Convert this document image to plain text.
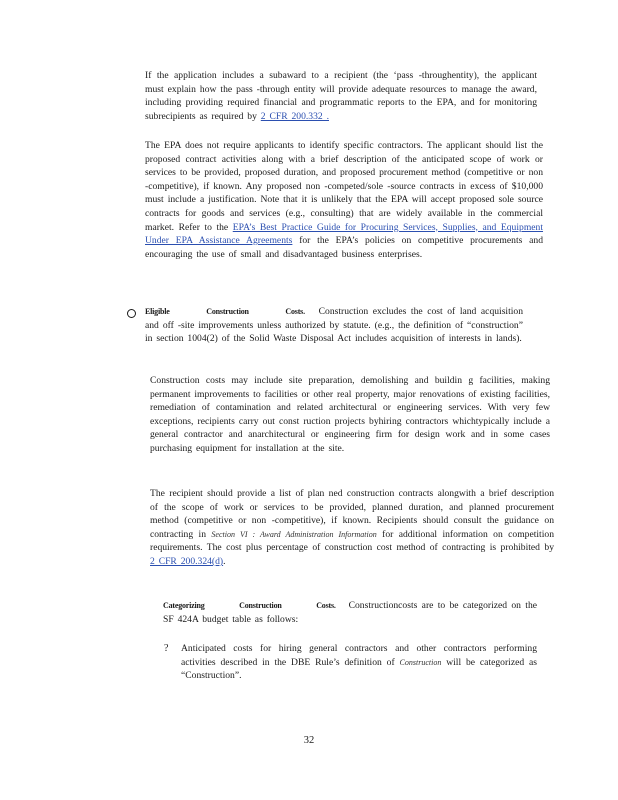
If the application includes a subaward to a recipient (the ‘pass -throughentity), the applicant must explain how the pass -through entity will provide adequate resources to manage the award, including providing required financial and programmatic reports to the EPA, and for monitoring subrecipients as required by 2 CFR 200.332 .
The EPA does not require applicants to identify specific contractors. The applicant should list the proposed contract activities along with a brief description of the anticipated scope of work or services to be provided, proposed duration, and proposed procurement method (competitive or non -competitive), if known. Any proposed non -competed/sole -source contracts in excess of $10,000 must include a justification. Note that it is unlikely that the EPA will accept proposed sole source contracts for goods and services (e.g., consulting) that are widely available in the commercial market. Refer to the EPA’s Best Practice Guide for Procuring Services, Supplies, and Equipment Under EPA Assistance Agreements for the EPA’s policies on competitive procurements and encouraging the use of small and disadvantaged business enterprises.
Eligible	Construction	Costs. Construction excludes the cost of land acquisition and off -site improvements unless authorized by statute. (e.g., the definition of “construction” in section 1004(2) of the Solid Waste Disposal Act includes acquisition of interests in lands).
Construction costs may include site preparation, demolishing and buildin g facilities, making permanent improvements to facilities or other real property, major renovations of existing facilities, remediation of contamination and related architectural or engineering services. With very few exceptions, recipients carry out const ruction projects byhiring contractors whichtypically include a general contractor and anarchitectural or engineering firm for design work and in some cases purchasing equipment for installation at the site.
The recipient should provide a list of plan ned construction contracts alongwith a brief description of the scope of work or services to be provided, planned duration, and planned procurement method (competitive or non -competitive), if known. Recipients should consult the guidance on contracting in Section VI : Award Administration Information for additional information on competition requirements. The cost plus percentage of construction cost method of contracting is prohibited by 2 CFR 200.324(d).
Categorizing	Construction	Costs. Constructioncosts are to be categorized on the SF 424A budget table as follows:
? Anticipated costs for hiring general contractors and other contractors performing activities described in the DBE Rule’s definition of Construction will be categorized as “Construction”.
32
